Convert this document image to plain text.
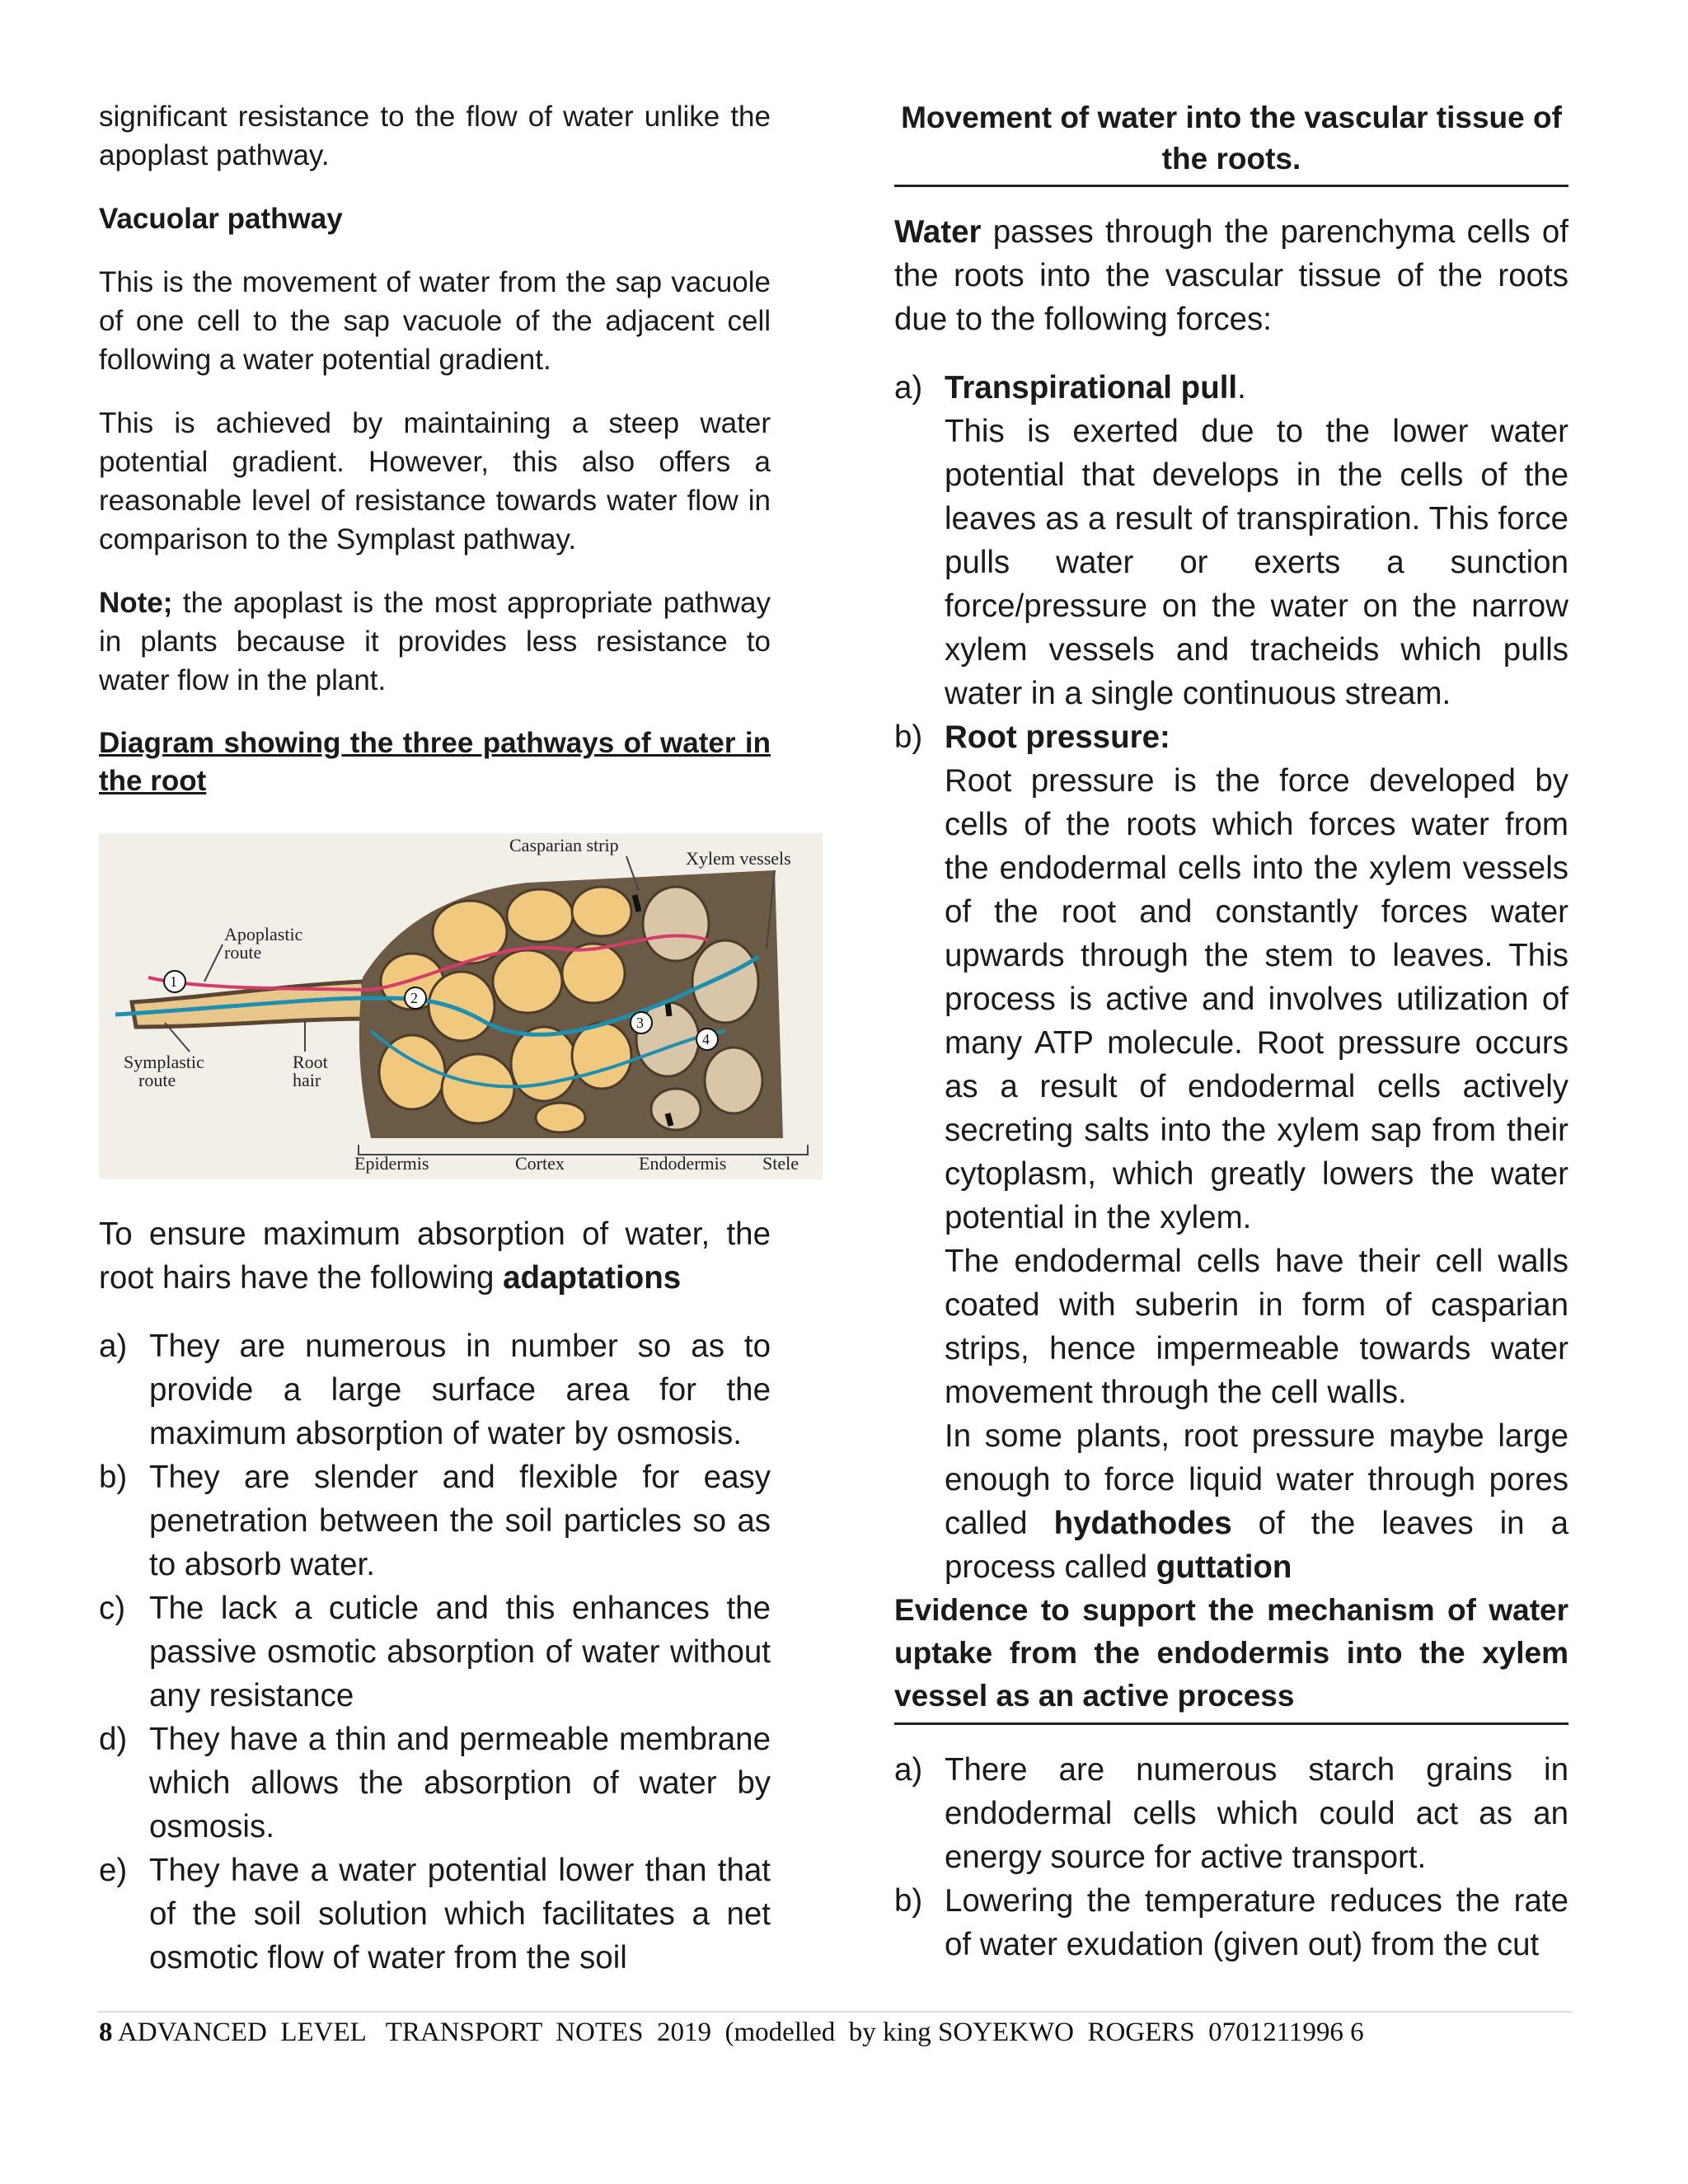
significant resistance to the flow of water unlike the apoplast pathway.

Vacuolar pathway

This is the movement of water from the sap vacuole of one cell to the sap vacuole of the adjacent cell following a water potential gradient.

This is achieved by maintaining a steep water potential gradient. However, this also offers a reasonable level of resistance towards water flow in comparison to the Symplast pathway.

Note; the apoplast is the most appropriate pathway in plants because it provides less resistance to water flow in the plant.

Diagram showing the three pathways of water in the root

Casparian strip
Xylem vessels
Apoplastic
route
Symplastic
route
Root
hair
Epidermis	Cortex	Endodermis Stele
1
2
3
4

To ensure maximum absorption of water, the root hairs have the following adaptations

a) They are numerous in number so as to provide a large surface area for the maximum absorption of water by osmosis.
b) They are slender and flexible for easy penetration between the soil particles so as to absorb water.
c) The lack a cuticle and this enhances the passive osmotic absorption of water without any resistance
d) They have a thin and permeable membrane which allows the absorption of water by osmosis.
e) They have a water potential lower than that of the soil solution which facilitates a net osmotic flow of water from the soil

Movement of water into the vascular tissue of the roots.

Water passes through the parenchyma cells of the roots into the vascular tissue of the roots due to the following forces:

a) Transpirational pull.
This is exerted due to the lower water potential that develops in the cells of the leaves as a result of transpiration. This force pulls water or exerts a sunction force/pressure on the water on the narrow xylem vessels and tracheids which pulls water in a single continuous stream.
b) Root pressure:
Root pressure is the force developed by cells of the roots which forces water from the endodermal cells into the xylem vessels of the root and constantly forces water upwards through the stem to leaves. This process is active and involves utilization of many ATP molecule. Root pressure occurs as a result of endodermal cells actively secreting salts into the xylem sap from their cytoplasm, which greatly lowers the water potential in the xylem.
The endodermal cells have their cell walls coated with suberin in form of casparian strips, hence impermeable towards water movement through the cell walls.
In some plants, root pressure maybe large enough to force liquid water through pores called hydathodes of the leaves in a process called guttation

Evidence to support the mechanism of water uptake from the endodermis into the xylem vessel as an active process

a) There are numerous starch grains in endodermal cells which could act as an energy source for active transport.
b) Lowering the temperature reduces the rate of water exudation (given out) from the cut
8 ADVANCED  LEVEL   TRANSPORT  NOTES  2019  (modelled  by king SOYEKWO  ROGERS  0701211996 6
